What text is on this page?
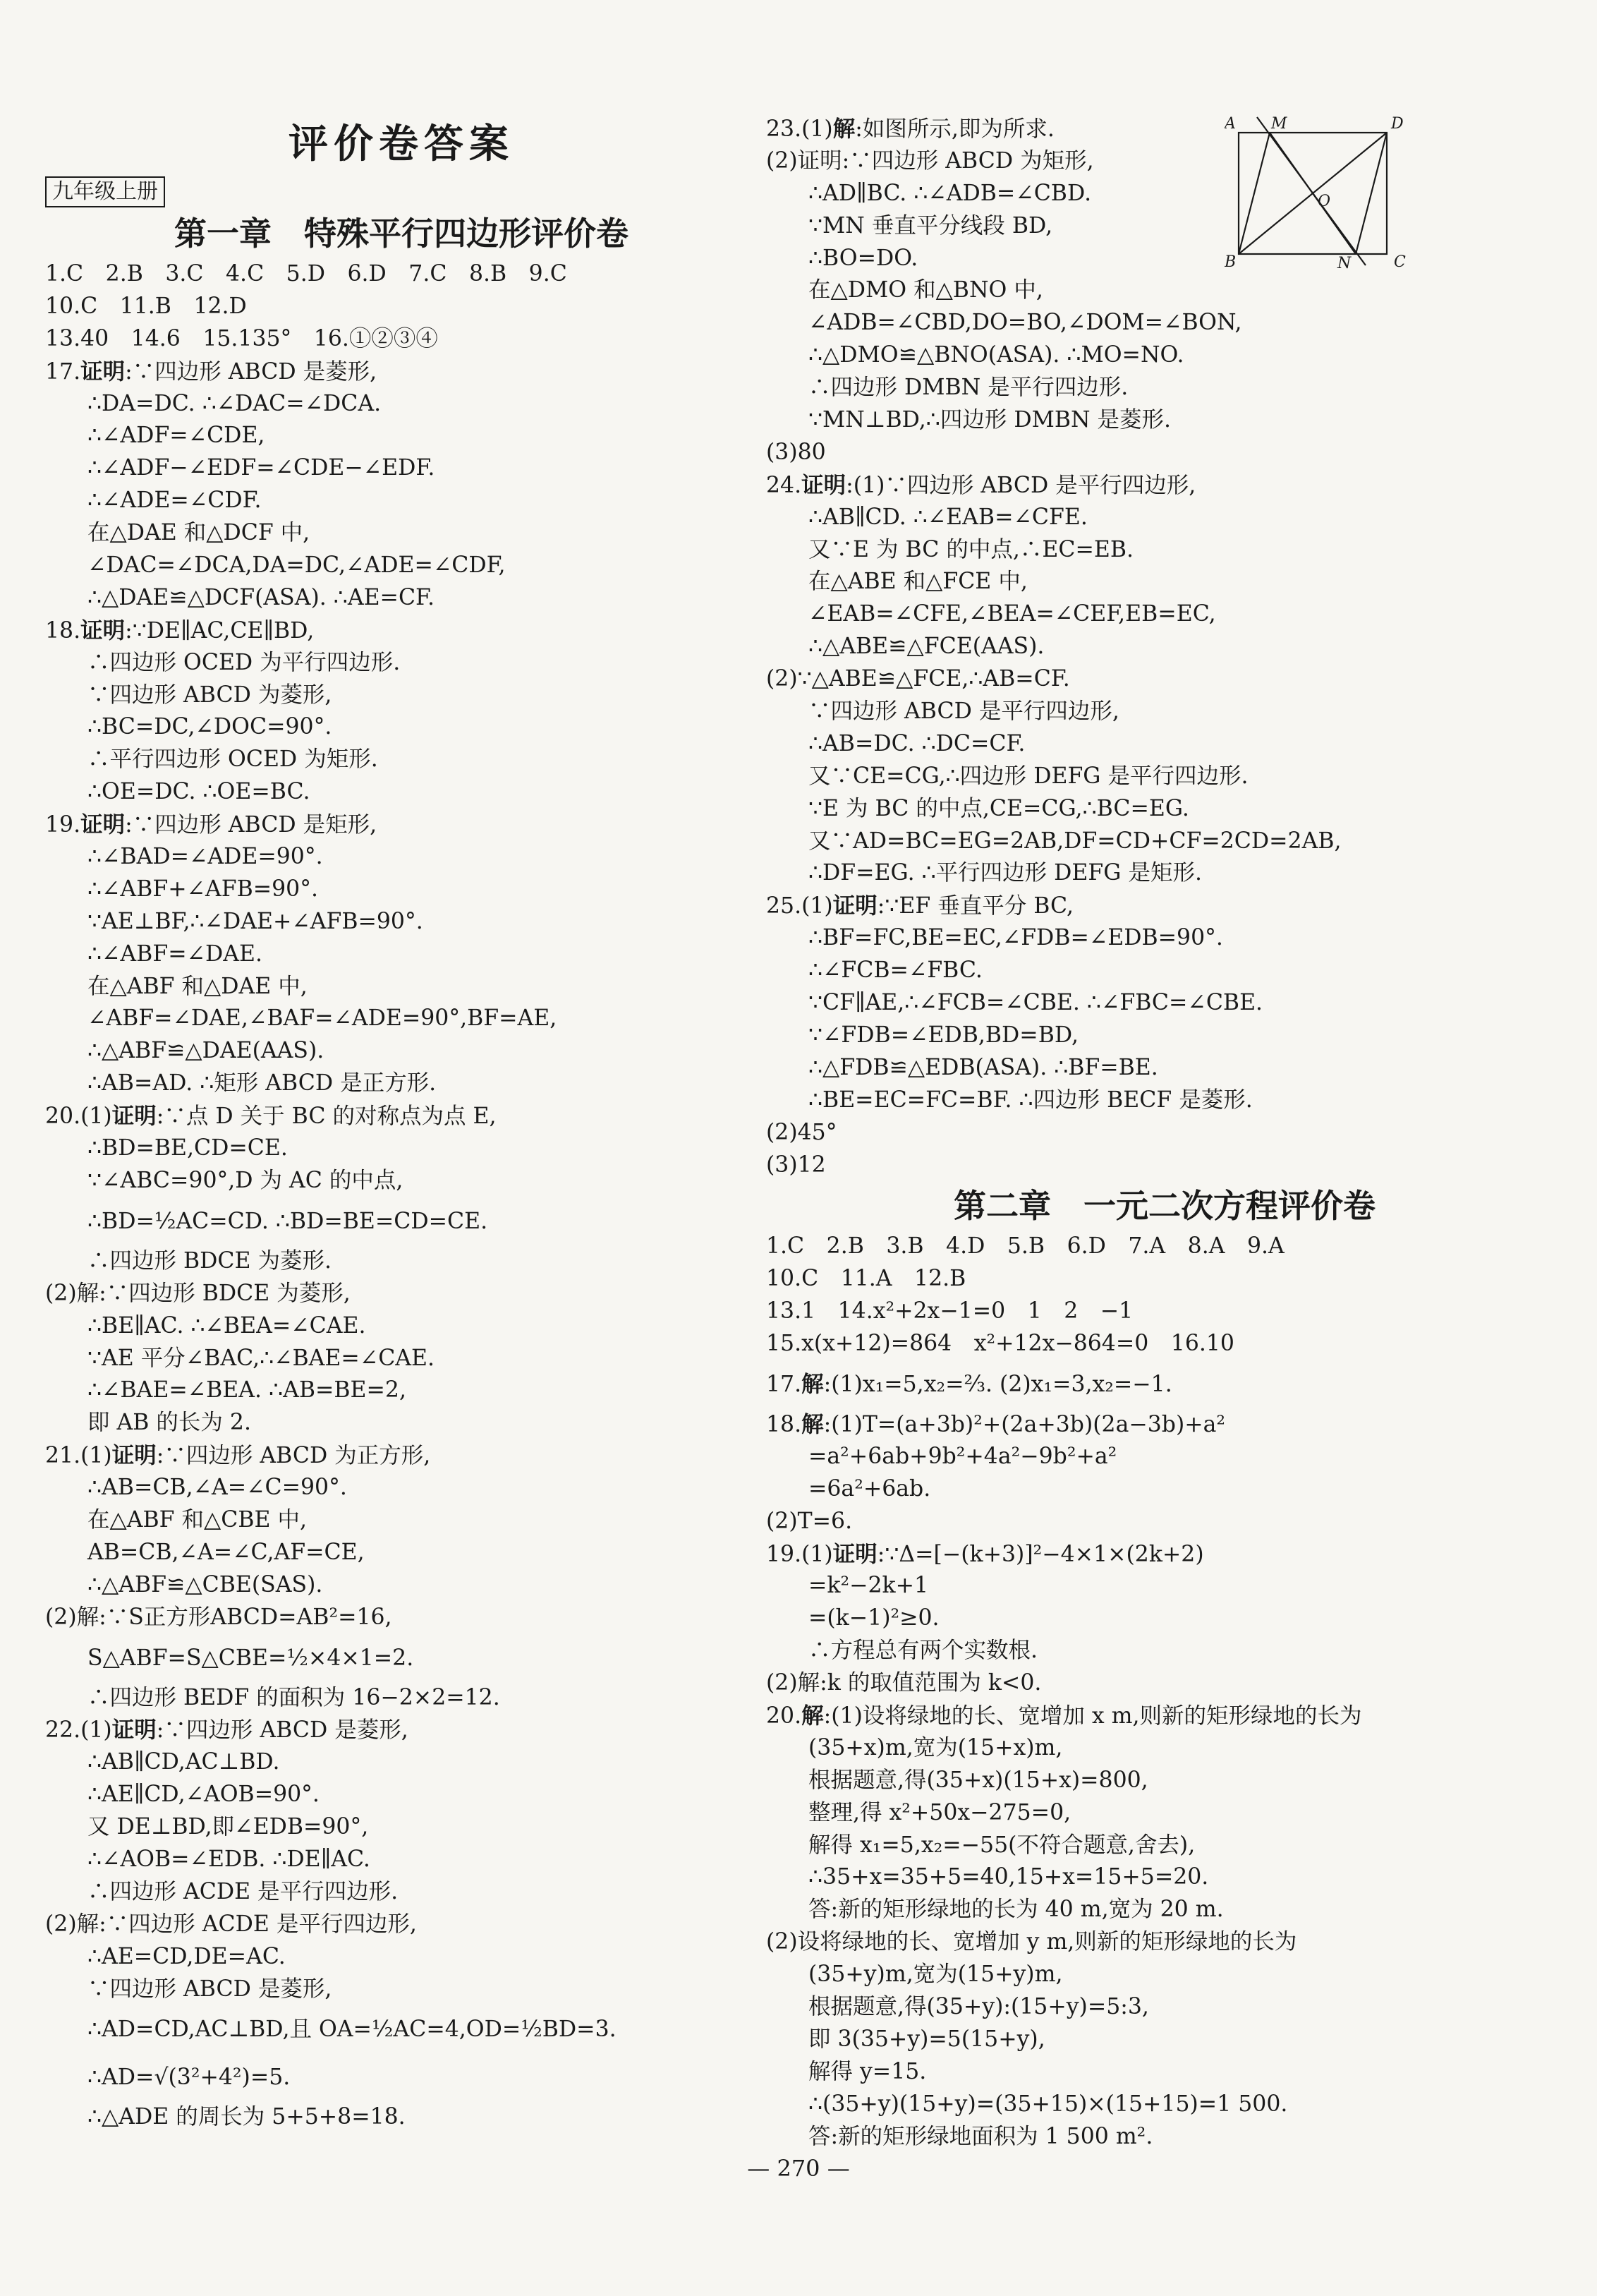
评价卷答案
九年级上册
第一章　特殊平行四边形评价卷
1.C　2.B　3.C　4.C　5.D　6.D　7.C　8.B　9.C
10.C　11.B　12.D
13.40　14.6　15.135°　16.①②③④
17.证明:∵四边形 ABCD 是菱形,
∴DA=DC. ∴∠DAC=∠DCA.
∴∠ADF=∠CDE,
∴∠ADF−∠EDF=∠CDE−∠EDF.
∴∠ADE=∠CDF.
在△DAE 和△DCF 中,
∠DAC=∠DCA,DA=DC,∠ADE=∠CDF,
∴△DAE≌△DCF(ASA). ∴AE=CF.
18.证明:∵DE∥AC,CE∥BD,
∴四边形 OCED 为平行四边形.
∵四边形 ABCD 为菱形,
∴BC=DC,∠DOC=90°.
∴平行四边形 OCED 为矩形.
∴OE=DC. ∴OE=BC.
19.证明:∵四边形 ABCD 是矩形,
∴∠BAD=∠ADE=90°.
∴∠ABF+∠AFB=90°.
∵AE⊥BF,∴∠DAE+∠AFB=90°.
∴∠ABF=∠DAE.
在△ABF 和△DAE 中,
∠ABF=∠DAE,∠BAF=∠ADE=90°,BF=AE,
∴△ABF≌△DAE(AAS).
∴AB=AD. ∴矩形 ABCD 是正方形.
20.(1)证明:∵点 D 关于 BC 的对称点为点 E,
∴BD=BE,CD=CE.
∵∠ABC=90°,D 为 AC 的中点,
∴BD=½AC=CD. ∴BD=BE=CD=CE.
∴四边形 BDCE 为菱形.
(2)解:∵四边形 BDCE 为菱形,
∴BE∥AC. ∴∠BEA=∠CAE.
∵AE 平分∠BAC,∴∠BAE=∠CAE.
∴∠BAE=∠BEA. ∴AB=BE=2,
即 AB 的长为 2.
21.(1)证明:∵四边形 ABCD 为正方形,
∴AB=CB,∠A=∠C=90°.
在△ABF 和△CBE 中,
AB=CB,∠A=∠C,AF=CE,
∴△ABF≌△CBE(SAS).
(2)解:∵S正方形ABCD=AB²=16,
S△ABF=S△CBE=½×4×1=2.
∴四边形 BEDF 的面积为 16−2×2=12.
22.(1)证明:∵四边形 ABCD 是菱形,
∴AB∥CD,AC⊥BD.
∴AE∥CD,∠AOB=90°.
又 DE⊥BD,即∠EDB=90°,
∴∠AOB=∠EDB. ∴DE∥AC.
∴四边形 ACDE 是平行四边形.
(2)解:∵四边形 ACDE 是平行四边形,
∴AE=CD,DE=AC.
∵四边形 ABCD 是菱形,
∴AD=CD,AC⊥BD,且 OA=½AC=4,OD=½BD=3.
∴AD=√(3²+4²)=5.
∴△ADE 的周长为 5+5+8=18.
23.(1)解:如图所示,即为所求.
(2)证明:∵四边形 ABCD 为矩形,
∴AD∥BC. ∴∠ADB=∠CBD.
∵MN 垂直平分线段 BD,
∴BO=DO.
在△DMO 和△BNO 中,
∠ADB=∠CBD,DO=BO,∠DOM=∠BON,
∴△DMO≌△BNO(ASA). ∴MO=NO.
∴四边形 DMBN 是平行四边形.
∵MN⊥BD,∴四边形 DMBN 是菱形.
(3)80
24.证明:(1)∵四边形 ABCD 是平行四边形,
∴AB∥CD. ∴∠EAB=∠CFE.
又∵E 为 BC 的中点,∴EC=EB.
在△ABE 和△FCE 中,
∠EAB=∠CFE,∠BEA=∠CEF,EB=EC,
∴△ABE≌△FCE(AAS).
(2)∵△ABE≌△FCE,∴AB=CF.
∵四边形 ABCD 是平行四边形,
∴AB=DC. ∴DC=CF.
又∵CE=CG,∴四边形 DEFG 是平行四边形.
∵E 为 BC 的中点,CE=CG,∴BC=EG.
又∵AD=BC=EG=2AB,DF=CD+CF=2CD=2AB,
∴DF=EG. ∴平行四边形 DEFG 是矩形.
25.(1)证明:∵EF 垂直平分 BC,
∴BF=FC,BE=EC,∠FDB=∠EDB=90°.
∴∠FCB=∠FBC.
∵CF∥AE,∴∠FCB=∠CBE. ∴∠FBC=∠CBE.
∵∠FDB=∠EDB,BD=BD,
∴△FDB≌△EDB(ASA). ∴BF=BE.
∴BE=EC=FC=BF. ∴四边形 BECF 是菱形.
(2)45°
(3)12
第二章　一元二次方程评价卷
1.C　2.B　3.B　4.D　5.B　6.D　7.A　8.A　9.A
10.C　11.A　12.B
13.1　14.x²+2x−1=0　1　2　−1
15.x(x+12)=864　x²+12x−864=0　16.10
17.解:(1)x₁=5,x₂=⅔. (2)x₁=3,x₂=−1.
18.解:(1)T=(a+3b)²+(2a+3b)(2a−3b)+a²
=a²+6ab+9b²+4a²−9b²+a²
=6a²+6ab.
(2)T=6.
19.(1)证明:∵Δ=[−(k+3)]²−4×1×(2k+2)
=k²−2k+1
=(k−1)²≥0.
∴方程总有两个实数根.
(2)解:k 的取值范围为 k<0.
20.解:(1)设将绿地的长、宽增加 x m,则新的矩形绿地的长为
(35+x)m,宽为(15+x)m,
根据题意,得(35+x)(15+x)=800,
整理,得 x²+50x−275=0,
解得 x₁=5,x₂=−55(不符合题意,舍去),
∴35+x=35+5=40,15+x=15+5=20.
答:新的矩形绿地的长为 40 m,宽为 20 m.
(2)设将绿地的长、宽增加 y m,则新的矩形绿地的长为
(35+y)m,宽为(15+y)m,
根据题意,得(35+y):(15+y)=5:3,
即 3(35+y)=5(15+y),
解得 y=15.
∴(35+y)(15+y)=(35+15)×(15+15)=1 500.
答:新的矩形绿地面积为 1 500 m².
A M	D
O
B	N	C
— 270 —
